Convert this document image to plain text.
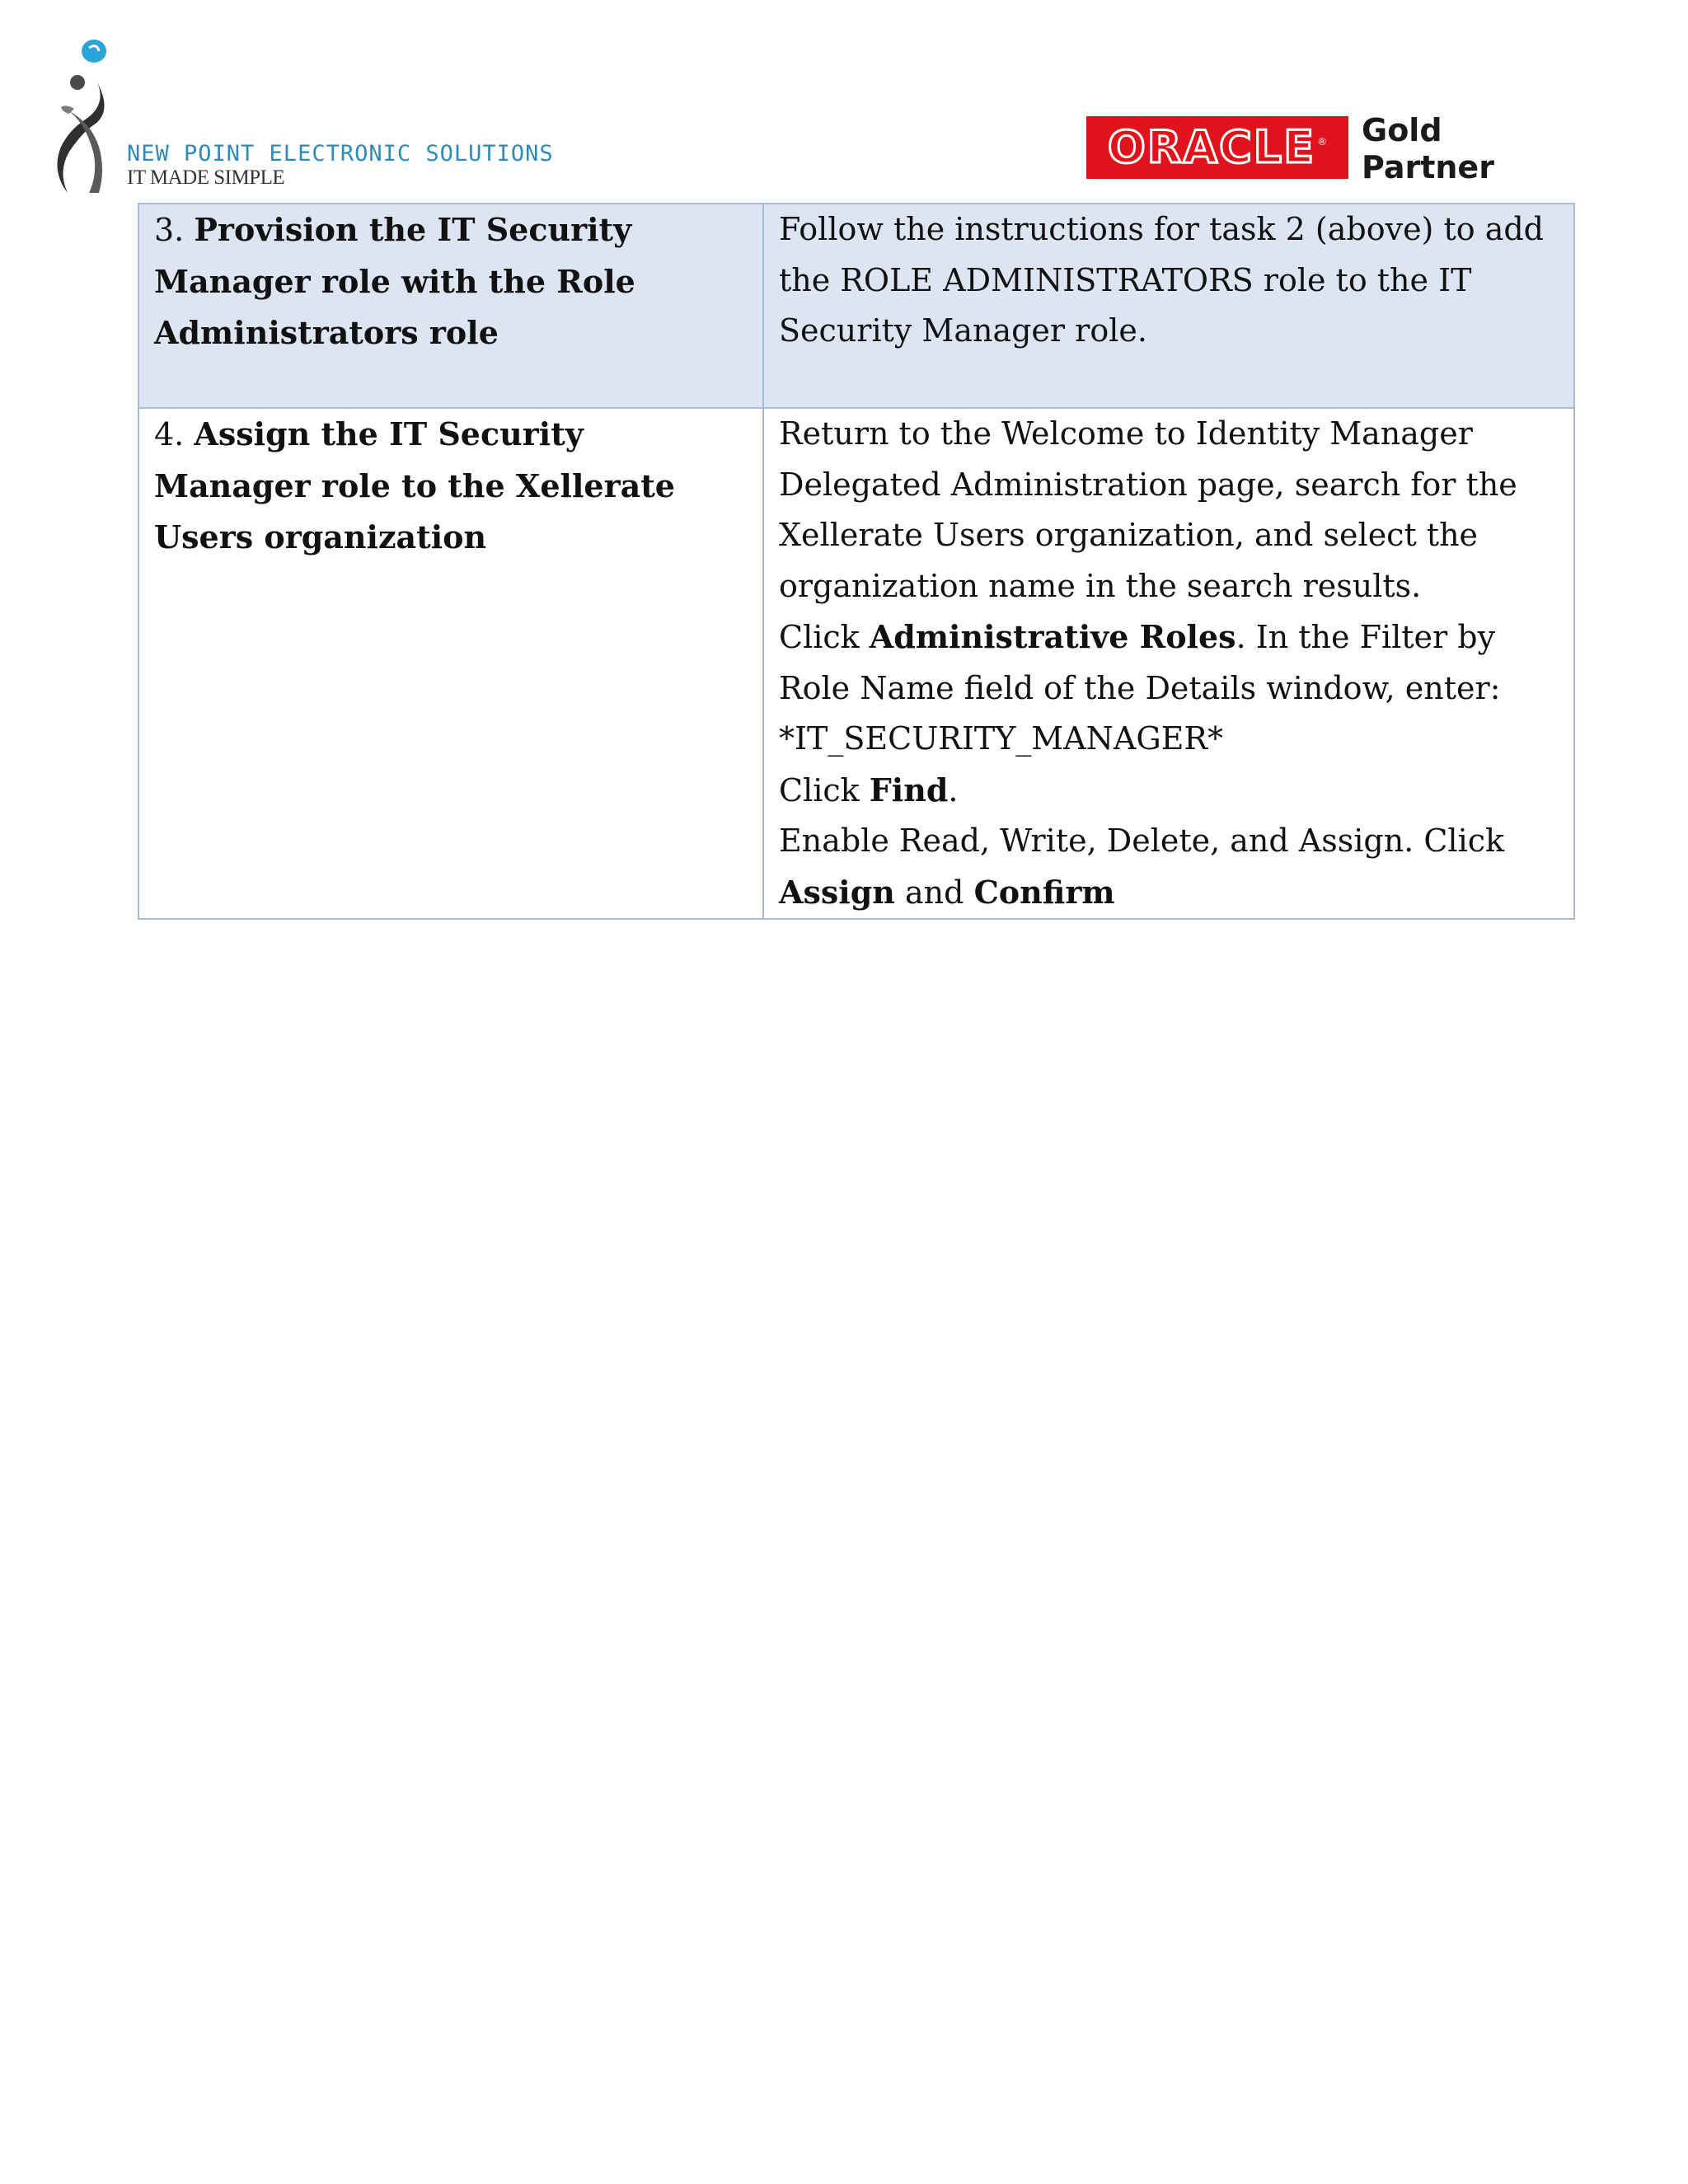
NEW POINT ELECTRONIC SOLUTIONS
IT MADE SIMPLE
ORACLE ® Gold
Partner
3. Provision the IT Security Manager role with the Role Administrators role	Follow the instructions for task 2 (above) to add the ROLE ADMINISTRATORS role to the IT Security Manager role.
4. Assign the IT Security Manager role to the Xellerate Users organization	Return to the Welcome to Identity Manager Delegated Administration page, search for the Xellerate Users organization, and select the organization name in the search results.
Click Administrative Roles. In the Filter by Role Name field of the Details window, enter:
*IT_SECURITY_MANAGER*
Click Find.
Enable Read, Write, Delete, and Assign. Click Assign and Confirm
